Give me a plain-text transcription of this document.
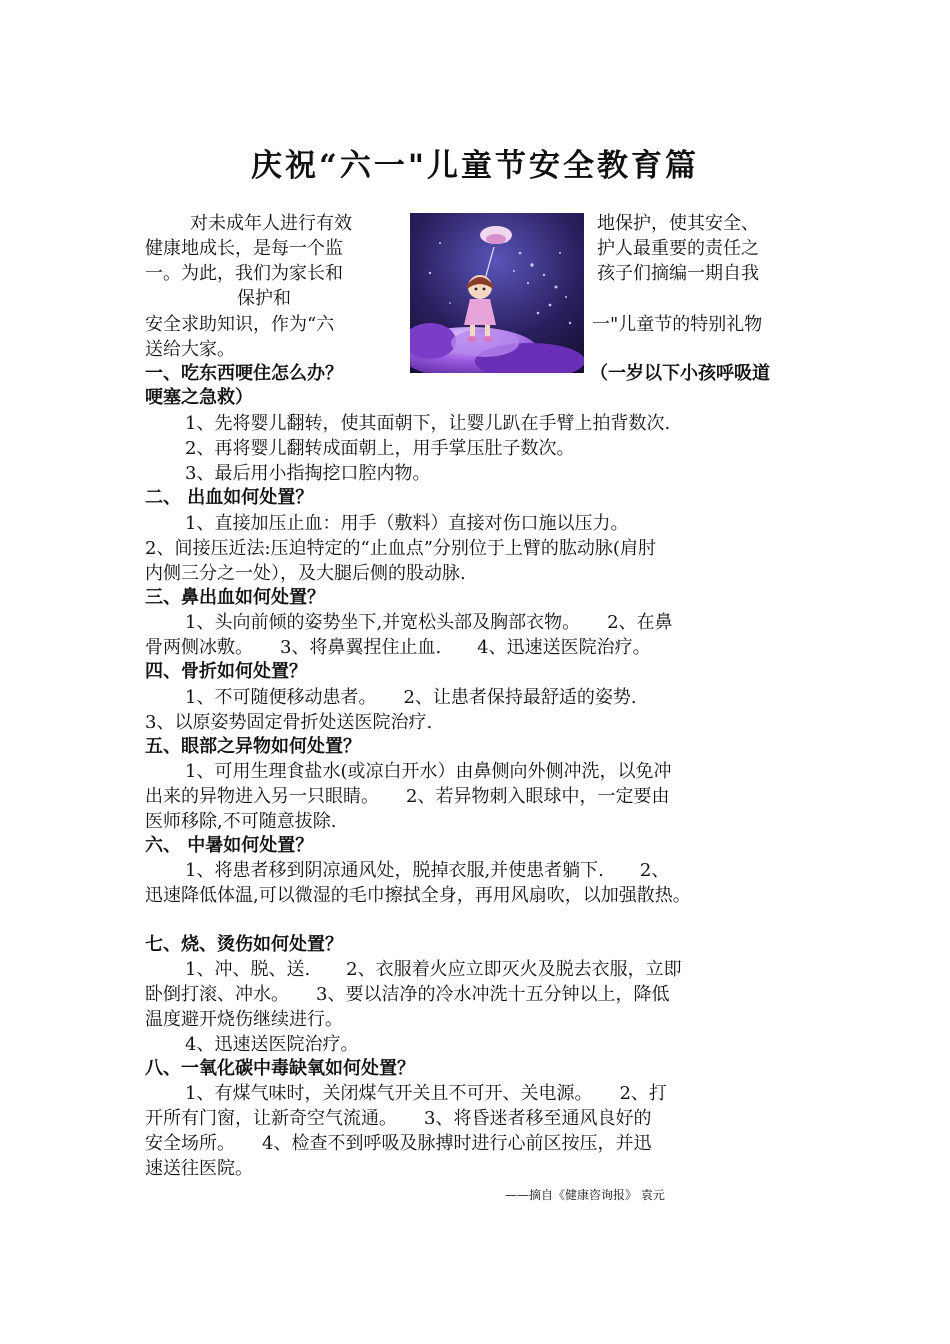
庆祝“六一"儿童节安全教育篇
对未成年人进行有效	地保护，使其安全、
健康地成长，是每一个监	护人最重要的责任之
一。为此，我们为家长和	孩子们摘编一期自我
保护和
安全求助知识，作为“六	一"儿童节的特别礼物
送给大家。
一、吃东西哽住怎么办？	（一岁以下小孩呼吸道
哽塞之急救）
1、先将婴儿翻转，使其面朝下，让婴儿趴在手臂上拍背数次.
2、再将婴儿翻转成面朝上，用手掌压肚子数次。
3、最后用小指掏挖口腔内物。
二、 出血如何处置？
1、直接加压止血：用手（敷料）直接对伤口施以压力。
2、间接压近法:压迫特定的“止血点”分别位于上臂的肱动脉(肩肘
内侧三分之一处），及大腿后侧的股动脉.
三、鼻出血如何处置？
1、头向前倾的姿势坐下,并宽松头部及胸部衣物。　　2、在鼻
骨两侧冰敷。　　3、将鼻翼捏住止血.　　4、迅速送医院治疗。
四、骨折如何处置？
1、不可随便移动患者。　　2、让患者保持最舒适的姿势.
3、以原姿势固定骨折处送医院治疗.
五、眼部之异物如何处置？
1、可用生理食盐水(或凉白开水）由鼻侧向外侧冲洗，以免冲
出来的异物进入另一只眼睛。　　2、若异物刺入眼球中，一定要由
医师移除,不可随意拔除.
六、 中暑如何处置？
1、将患者移到阴凉通风处，脱掉衣服,并使患者躺下.　　2、
迅速降低体温,可以微湿的毛巾擦拭全身，再用风扇吹，以加强散热。
七、烧、烫伤如何处置？
1、冲、脱、送.　　2、衣服着火应立即灭火及脱去衣服，立即
卧倒打滚、冲水。　　3、要以洁净的冷水冲洗十五分钟以上，降低
温度避开烧伤继续进行。
4、迅速送医院治疗。
八、一氧化碳中毒缺氧如何处置？
1、有煤气味时，关闭煤气开关且不可开、关电源。　　2、打
开所有门窗，让新奇空气流通。　　3、将昏迷者移至通风良好的
安全场所。　　4、检查不到呼吸及脉搏时进行心前区按压，并迅
速送往医院。
——摘自《健康咨询报》 袁元
